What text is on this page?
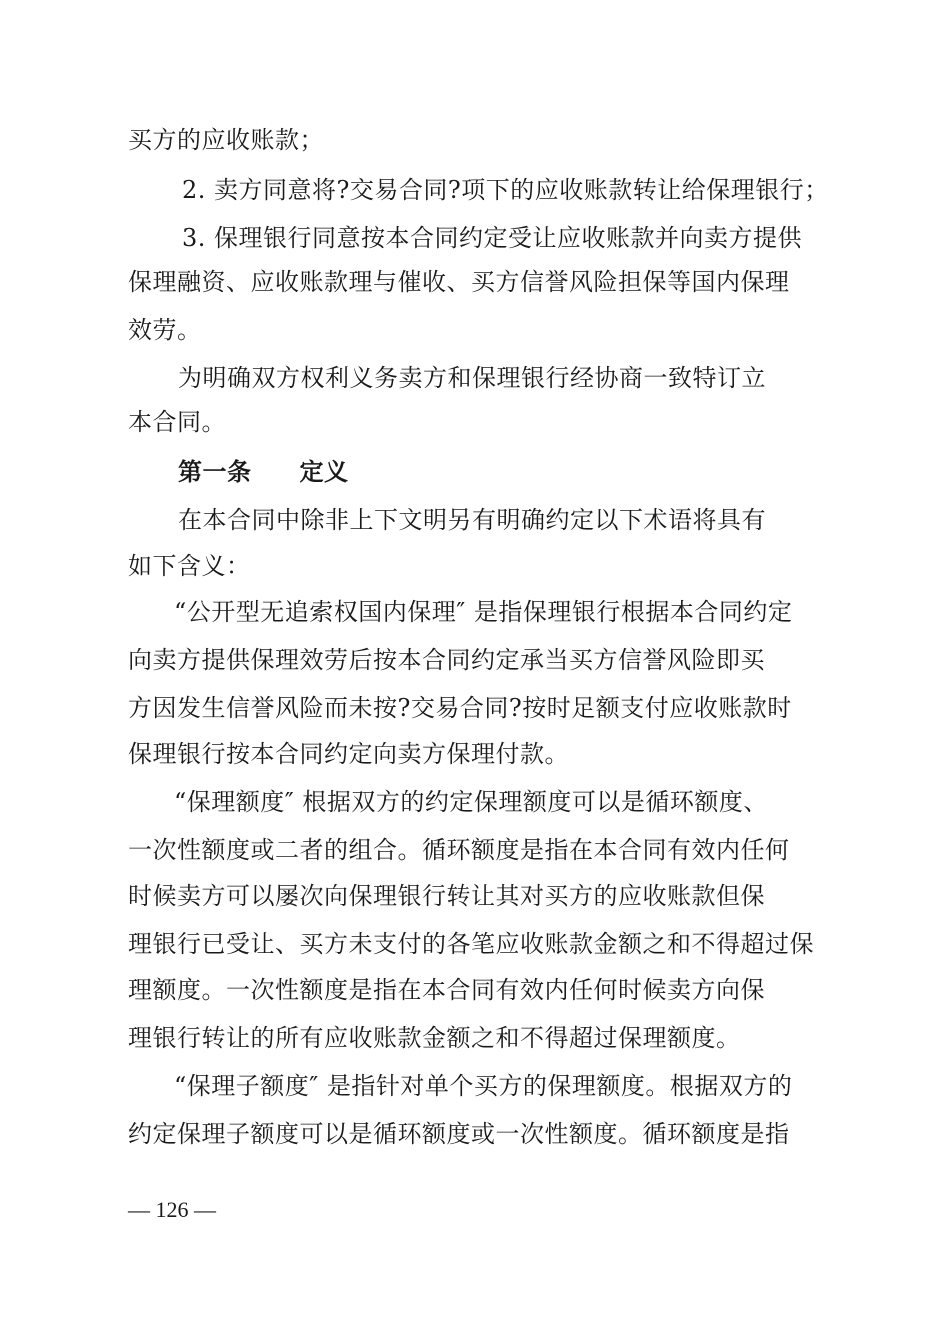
买方的应收账款；
2. 卖方同意将?交易合同?项下的应收账款转让给保理银行；
3. 保理银行同意按本合同约定受让应收账款并向卖方提供
保理融资、应收账款理与催收、买方信誉风险担保等国内保理
效劳。
为明确双方权利义务卖方和保理银行经协商一致特订立
本合同。
第一条 定义
在本合同中除非上下文明另有明确约定以下术语将具有
如下含义：
“公开型无追索权国内保理″ 是指保理银行根据本合同约定
向卖方提供保理效劳后按本合同约定承当买方信誉风险即买
方因发生信誉风险而未按?交易合同?按时足额支付应收账款时
保理银行按本合同约定向卖方保理付款。
“保理额度″ 根据双方的约定保理额度可以是循环额度、
一次性额度或二者的组合。循环额度是指在本合同有效内任何
时候卖方可以屡次向保理银行转让其对买方的应收账款但保
理银行已受让、买方未支付的各笔应收账款金额之和不得超过保
理额度。一次性额度是指在本合同有效内任何时候卖方向保
理银行转让的所有应收账款金额之和不得超过保理额度。
“保理子额度″ 是指针对单个买方的保理额度。根据双方的
约定保理子额度可以是循环额度或一次性额度。循环额度是指
— 126 —
